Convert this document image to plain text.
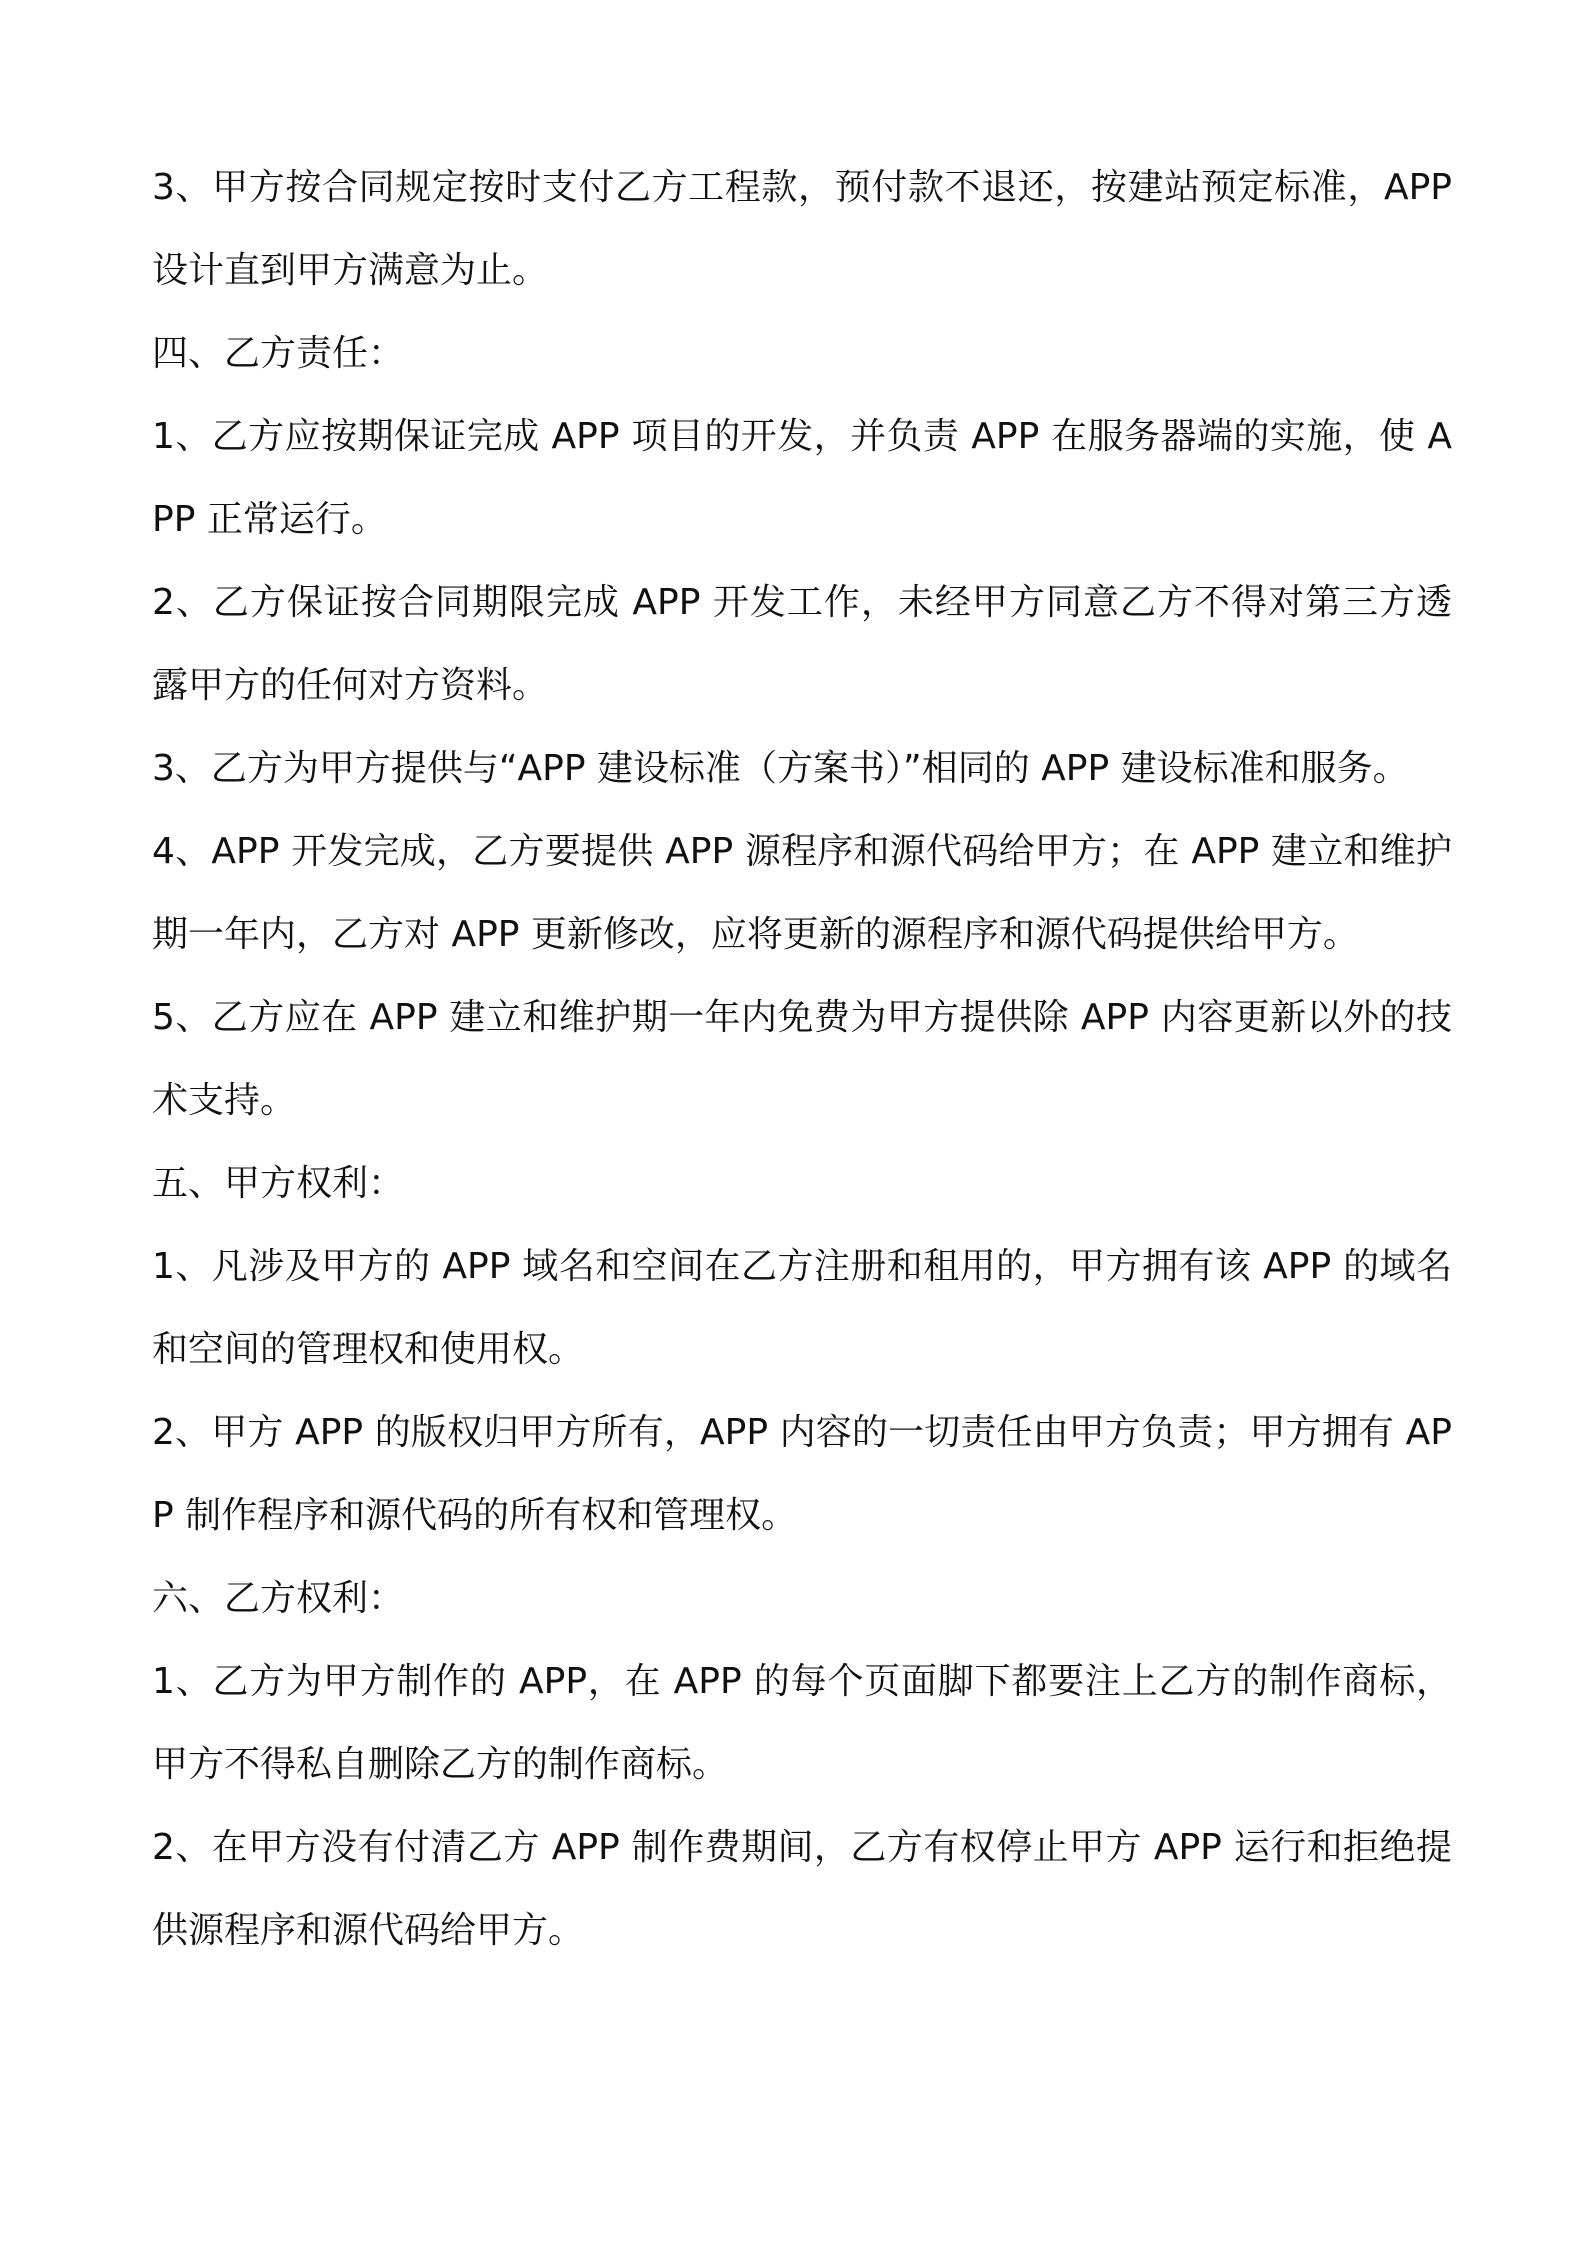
3、甲方按合同规定按时支付乙方工程款，预付款不退还，按建站预定标准，APP设计直到甲方满意为止。

四、乙方责任：

1、乙方应按期保证完成 APP 项目的开发，并负责 APP 在服务器端的实施，使 APP 正常运行。

2、乙方保证按合同期限完成 APP 开发工作，未经甲方同意乙方不得对第三方透露甲方的任何对方资料。

3、乙方为甲方提供与“APP 建设标准（方案书）”相同的 APP 建设标准和服务。

4、APP 开发完成，乙方要提供 APP 源程序和源代码给甲方；在 APP 建立和维护期一年内，乙方对 APP 更新修改，应将更新的源程序和源代码提供给甲方。

5、乙方应在 APP 建立和维护期一年内免费为甲方提供除 APP 内容更新以外的技术支持。

五、甲方权利：

1、凡涉及甲方的 APP 域名和空间在乙方注册和租用的，甲方拥有该 APP 的域名和空间的管理权和使用权。

2、甲方 APP 的版权归甲方所有，APP 内容的一切责任由甲方负责；甲方拥有 APP 制作程序和源代码的所有权和管理权。

六、乙方权利：

1、乙方为甲方制作的 APP，在 APP 的每个页面脚下都要注上乙方的制作商标，甲方不得私自删除乙方的制作商标。

2、在甲方没有付清乙方 APP 制作费期间，乙方有权停止甲方 APP 运行和拒绝提供源程序和源代码给甲方。
